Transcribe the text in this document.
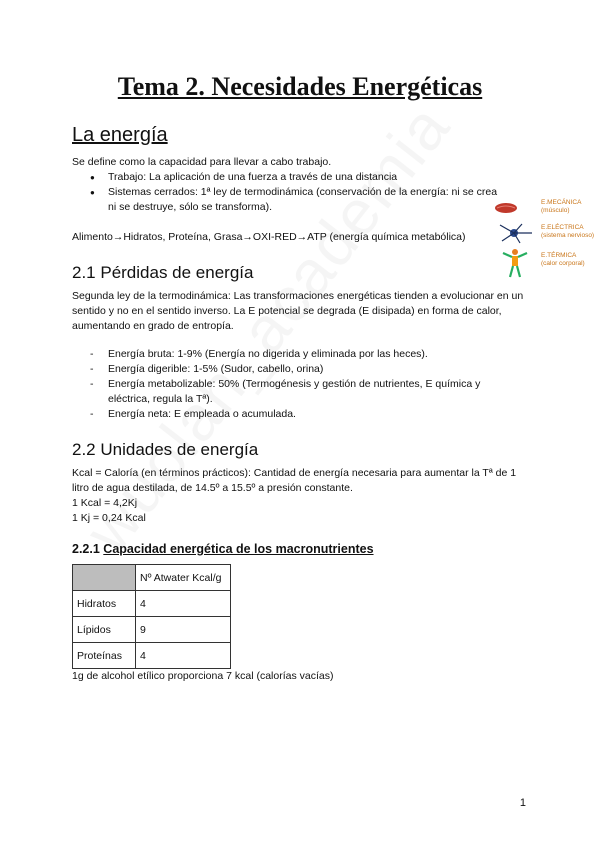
Tema 2. Necesidades Energéticas
La energía

Se define como la capacidad para llevar a cabo trabajo.

● Trabajo: La aplicación de una fuerza a través de una distancia
● Sistemas cerrados: 1ª ley de termodinámica (conservación de la energía: ni se crea ni se destruye, sólo se transforma).

Alimento→Hidratos, Proteína, Grasa→OXI-RED→ATP (energía química metabólica)

E.MECÁNICA
(músculo)
E.ELÉCTRICA
(sistema nervioso)
E.TÉRMICA
(calor corporal)
2.1 Pérdidas de energía

Segunda ley de la termodinámica: Las transformaciones energéticas tienden a evolucionar en un sentido y no en el sentido inverso. La E potencial se degrada (E disipada) en forma de calor, aumentando en grado de entropía.

- Energía bruta: 1-9% (Energía no digerida y eliminada por las heces).
- Energía digerible: 1-5% (Sudor, cabello, orina)
- Energía metabolizable: 50% (Termogénesis y gestión de nutrientes, E química y eléctrica, regula la Tª).
- Energía neta: E empleada o acumulada.
2.2 Unidades de energía

Kcal = Caloría (en términos prácticos): Cantidad de energía necesaria para aumentar la Tª de 1 litro de agua destilada, de 14.5º a 15.5º a presión constante.

1 Kcal = 4,2Kj

1 Kj = 0,24 Kcal

2.2.1 Capacidad energética de los macronutrientes
	Nº Atwater Kcal/g
Hidratos	4
Lípidos	9
Proteínas	4

1g de alcohol etílico proporciona 7 kcal (calorías vacías)

1
